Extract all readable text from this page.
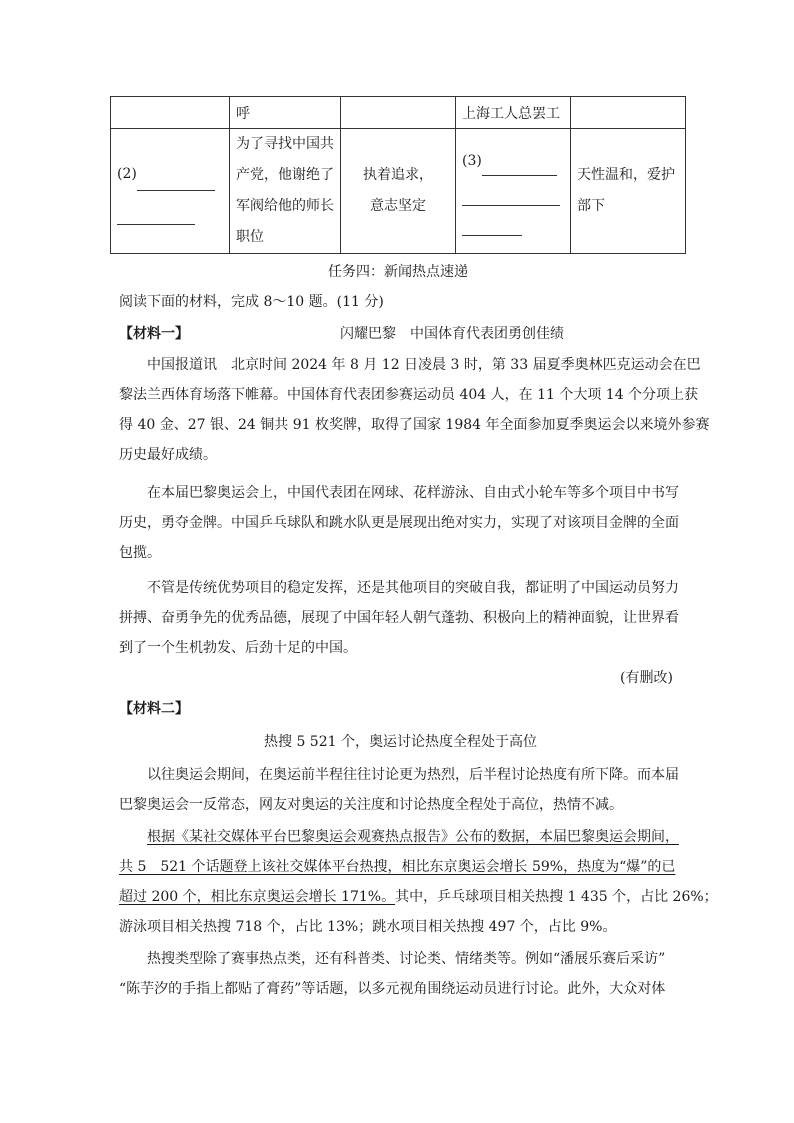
	呼		上海工人总罢工	
(2)	为了寻找中国共
产党，他谢绝了
军阀给他的师长
职位	执着追求，
意志坚定	(3)	天性温和，爱护
部下
任务四：新闻热点速递
阅读下面的材料，完成 8～10 题。(11 分)
【材料一】	闪耀巴黎　中国体育代表团勇创佳绩
中国报道讯　北京时间 2024 年 8 月 12 日凌晨 3 时，第 33 届夏季奥林匹克运动会在巴
黎法兰西体育场落下帷幕。中国体育代表团参赛运动员 404 人，在 11 个大项 14 个分项上获
得 40 金、27 银、24 铜共 91 枚奖牌，取得了国家 1984 年全面参加夏季奥运会以来境外参赛
历史最好成绩。
在本届巴黎奥运会上，中国代表团在网球、花样游泳、自由式小轮车等多个项目中书写
历史，勇夺金牌。中国乒乓球队和跳水队更是展现出绝对实力，实现了对该项目金牌的全面
包揽。
不管是传统优势项目的稳定发挥，还是其他项目的突破自我，都证明了中国运动员努力
拼搏、奋勇争先的优秀品德，展现了中国年轻人朝气蓬勃、积极向上的精神面貌，让世界看
到了一个生机勃发、后劲十足的中国。
(有删改)
【材料二】
热搜 5 521 个，奥运讨论热度全程处于高位
以往奥运会期间，在奥运前半程往往讨论更为热烈，后半程讨论热度有所下降。而本届
巴黎奥运会一反常态，网友对奥运的关注度和讨论热度全程处于高位，热情不减。
根据《某社交媒体平台巴黎奥运会观赛热点报告》公布的数据，本届巴黎奥运会期间，
共 5　521 个话题登上该社交媒体平台热搜，相比东京奥运会增长 59%，热度为“爆”的已
超过 200 个，相比东京奥运会增长 171%。其中，乒乓球项目相关热搜 1 435 个，占比 26%；
游泳项目相关热搜 718 个，占比 13%；跳水项目相关热搜 497 个，占比 9%。
热搜类型除了赛事热点类，还有科普类、讨论类、情绪类等。例如“潘展乐赛后采访”
“陈芋汐的手指上都贴了膏药”等话题，以多元视角围绕运动员进行讨论。此外，大众对体
